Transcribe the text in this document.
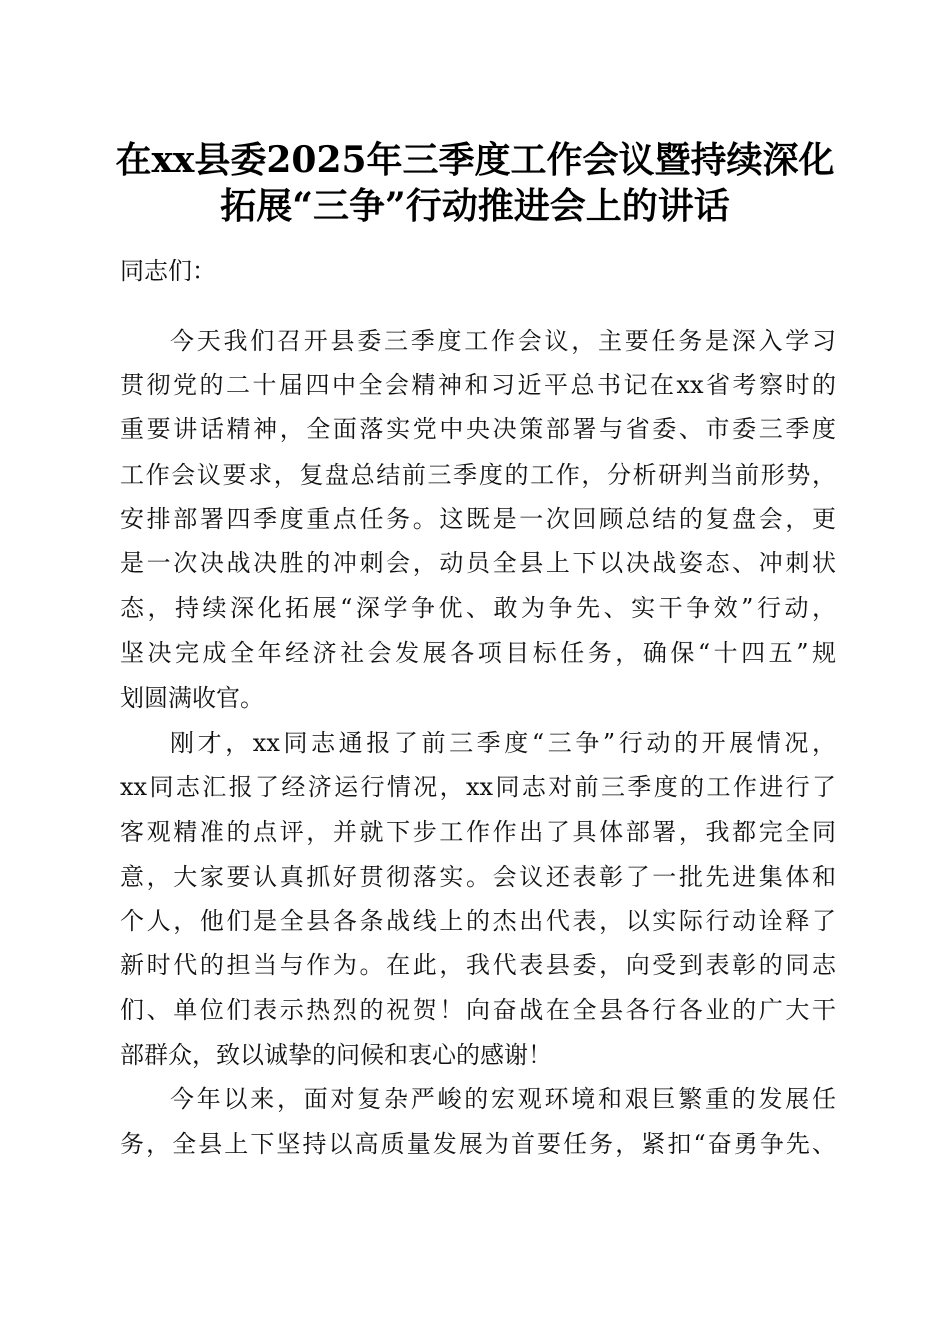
在xx县委2025年三季度工作会议暨持续深化
拓展“三争”行动推进会上的讲话
同志们：
今天我们召开县委三季度工作会议，主要任务是深入学习
贯彻党的二十届四中全会精神和习近平总书记在xx省考察时的
重要讲话精神，全面落实党中央决策部署与省委、市委三季度
工作会议要求，复盘总结前三季度的工作，分析研判当前形势，
安排部署四季度重点任务。这既是一次回顾总结的复盘会，更
是一次决战决胜的冲刺会，动员全县上下以决战姿态、冲刺状
态，持续深化拓展“深学争优、敢为争先、实干争效”行动，
坚决完成全年经济社会发展各项目标任务，确保“十四五”规
划圆满收官。
刚才，xx同志通报了前三季度“三争”行动的开展情况，
xx同志汇报了经济运行情况，xx同志对前三季度的工作进行了
客观精准的点评，并就下步工作作出了具体部署，我都完全同
意，大家要认真抓好贯彻落实。会议还表彰了一批先进集体和
个人，他们是全县各条战线上的杰出代表，以实际行动诠释了
新时代的担当与作为。在此，我代表县委，向受到表彰的同志
们、单位们表示热烈的祝贺！向奋战在全县各行各业的广大干
部群众，致以诚挚的问候和衷心的感谢！
今年以来，面对复杂严峻的宏观环境和艰巨繁重的发展任
务，全县上下坚持以高质量发展为首要任务，紧扣“奋勇争先、
